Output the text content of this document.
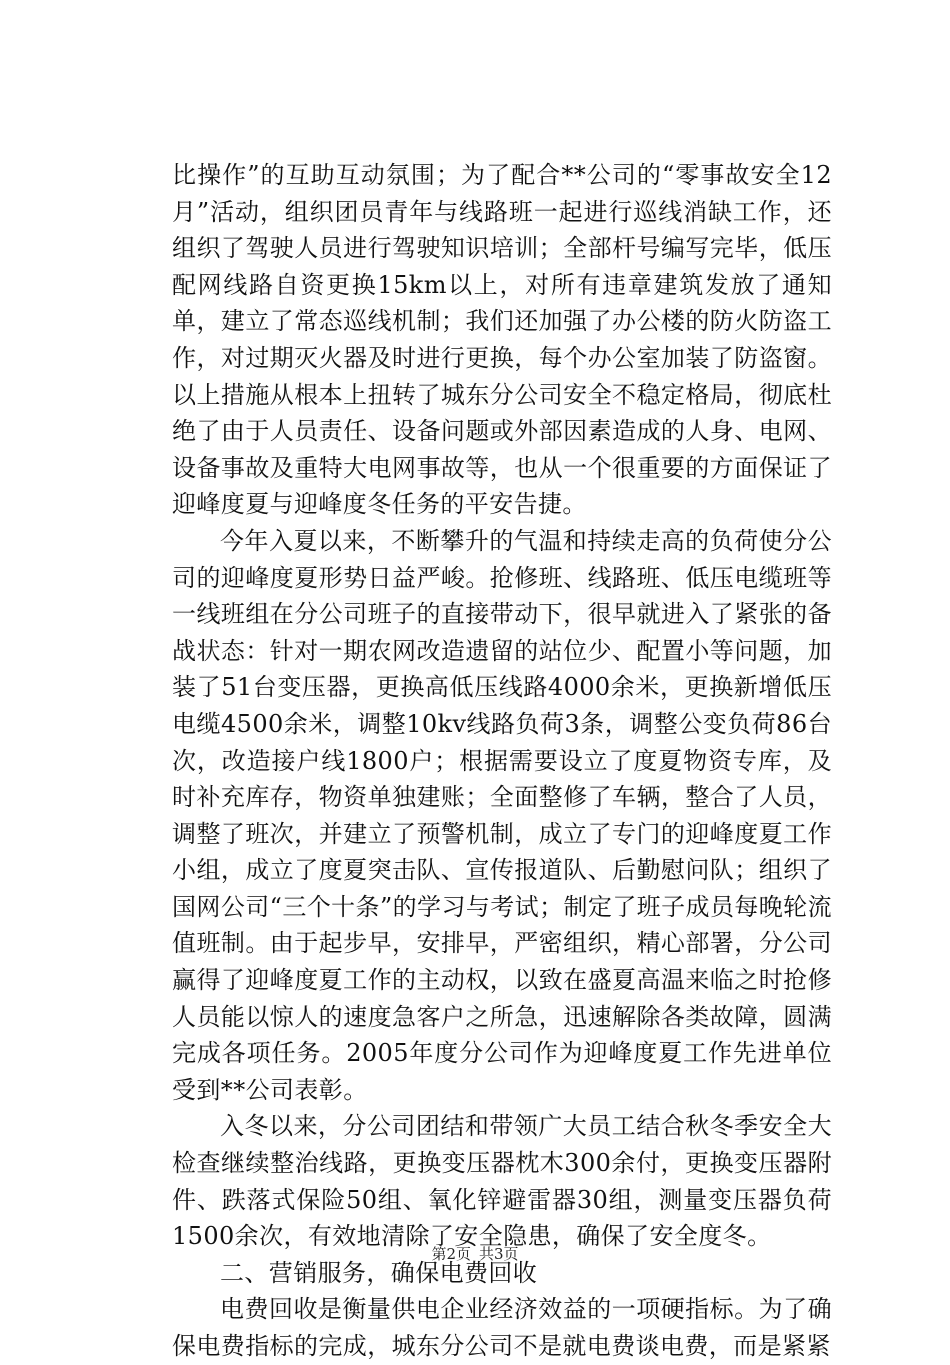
比操作”的互助互动氛围；为了配合**公司的“零事故安全12月”活动，组织团员青年与线路班一起进行巡线消缺工作，还组织了驾驶人员进行驾驶知识培训；全部杆号编写完毕，低压配网线路自资更换15km以上，对所有违章建筑发放了通知单，建立了常态巡线机制；我们还加强了办公楼的防火防盗工作，对过期灭火器及时进行更换，每个办公室加装了防盗窗。以上措施从根本上扭转了城东分公司安全不稳定格局，彻底杜绝了由于人员责任、设备问题或外部因素造成的人身、电网、设备事故及重特大电网事故等，也从一个很重要的方面保证了迎峰度夏与迎峰度冬任务的平安告捷。

今年入夏以来，不断攀升的气温和持续走高的负荷使分公司的迎峰度夏形势日益严峻。抢修班、线路班、低压电缆班等一线班组在分公司班子的直接带动下，很早就进入了紧张的备战状态：针对一期农网改造遗留的站位少、配置小等问题，加装了51台变压器，更换高低压线路4000余米，更换新增低压电缆4500余米，调整10kv线路负荷3条，调整公变负荷86台次，改造接户线1800户；根据需要设立了度夏物资专库，及时补充库存，物资单独建账；全面整修了车辆，整合了人员，调整了班次，并建立了预警机制，成立了专门的迎峰度夏工作小组，成立了度夏突击队、宣传报道队、后勤慰问队；组织了国网公司“三个十条”的学习与考试；制定了班子成员每晚轮流值班制。由于起步早，安排早，严密组织，精心部署，分公司赢得了迎峰度夏工作的主动权，以致在盛夏高温来临之时抢修人员能以惊人的速度急客户之所急，迅速解除各类故障，圆满完成各项任务。2005年度分公司作为迎峰度夏工作先进单位受到**公司表彰。

入冬以来，分公司团结和带领广大员工结合秋冬季安全大检查继续整治线路，更换变压器枕木300余付，更换变压器附件、跌落式保险50组、氧化锌避雷器30组，测量变压器负荷1500余次，有效地清除了安全隐患，确保了安全度冬。

二、营销服务，确保电费回收

电费回收是衡量供电企业经济效益的一项硬指标。为了确保电费指标的完成，城东分公司不是就电费谈电费，而是紧紧

第2页 共3页
